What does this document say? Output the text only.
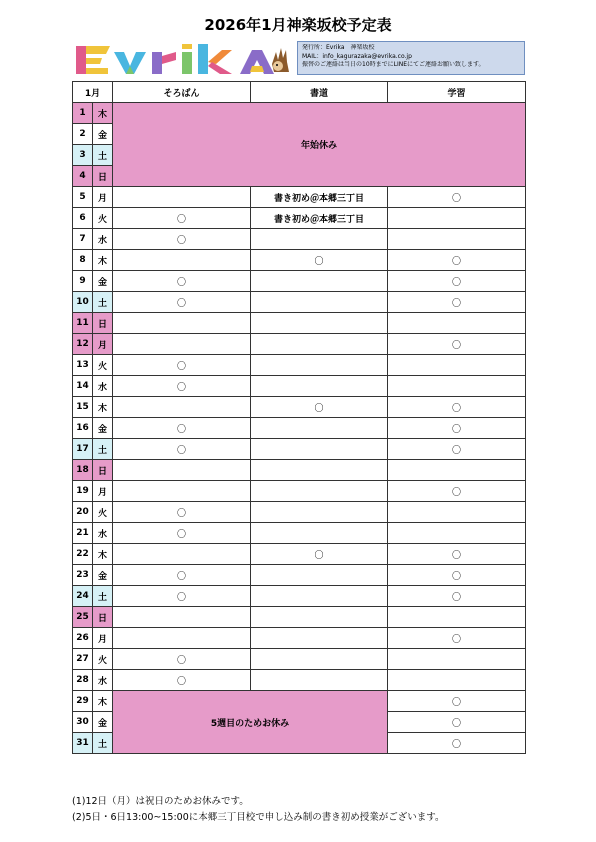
2026年1月神楽坂校予定表
発行所：Evrika　神楽坂校
MAIL：info_kagurazaka@evrika.co.jp
振替のご連絡は当日の10時までにLINEにてご連絡お願い致します。
1月		そろばん	書道	学習
1	木	年始休み		
2	金			
3	土			
4	日			
5	月		書き初め＠本郷三丁目	〇
6	火	〇	書き初め＠本郷三丁目	
7	水	〇		
8	木		〇	〇
9	金	〇		〇
10	土	〇		〇
11	日			
12	月			〇
13	火	〇		
14	水	〇		
15	木		〇	〇
16	金	〇		〇
17	土	〇		〇
18	日			
19	月			〇
20	火	〇		
21	水	〇		
22	木		〇	〇
23	金	〇		〇
24	土	〇		〇
25	日			
26	月			〇
27	火	〇		
28	水	〇		
29	木	5週目のためお休み		〇
30	金			〇
31	土			〇
(1)12日（月）は祝日のためお休みです。
(2)5日・6日13:00~15:00に本郷三丁目校で申し込み制の書き初め授業がございます。
